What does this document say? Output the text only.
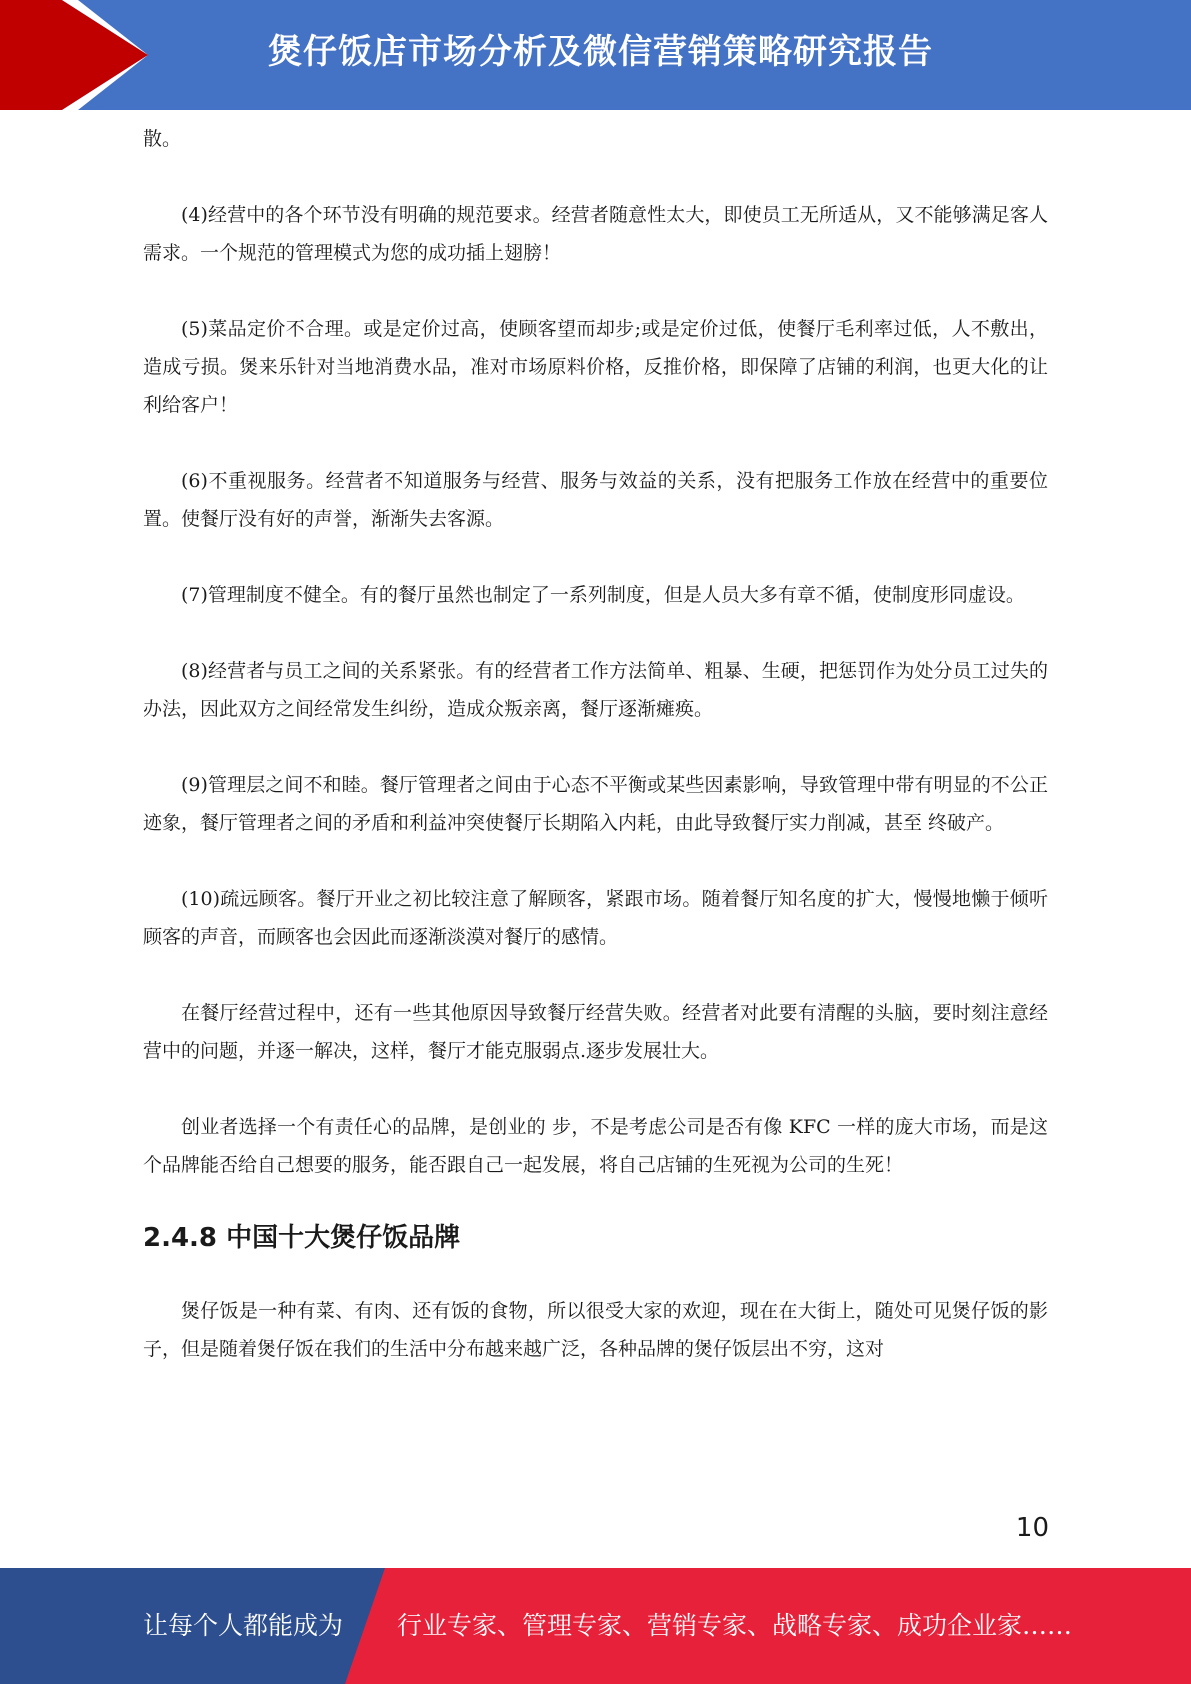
煲仔饭店市场分析及微信营销策略研究报告

散。

(4)经营中的各个环节没有明确的规范要求。经营者随意性太大，即使员工无所适从，又不能够满足客人需求。一个规范的管理模式为您的成功插上翅膀！

(5)菜品定价不合理。或是定价过高，使顾客望而却步;或是定价过低，使餐厅毛利率过低，人不敷出，造成亏损。煲来乐针对当地消费水品，准对市场原料价格，反推价格，即保障了店铺的利润，也更大化的让利给客户！

(6)不重视服务。经营者不知道服务与经营、服务与效益的关系，没有把服务工作放在经营中的重要位置。使餐厅没有好的声誉，渐渐失去客源。

(7)管理制度不健全。有的餐厅虽然也制定了一系列制度，但是人员大多有章不循，使制度形同虚设。

(8)经营者与员工之间的关系紧张。有的经营者工作方法简单、粗暴、生硬，把惩罚作为处分员工过失的 办法，因此双方之间经常发生纠纷，造成众叛亲离，餐厅逐渐瘫痪。

(9)管理层之间不和睦。餐厅管理者之间由于心态不平衡或某些因素影响，导致管理中带有明显的不公正迹象，餐厅管理者之间的矛盾和利益冲突使餐厅长期陷入内耗，由此导致餐厅实力削减，甚至 终破产。

(10)疏远顾客。餐厅开业之初比较注意了解顾客，紧跟市场。随着餐厅知名度的扩大，慢慢地懒于倾听顾客的声音，而顾客也会因此而逐渐淡漠对餐厅的感情。

在餐厅经营过程中，还有一些其他原因导致餐厅经营失败。经营者对此要有清醒的头脑，要时刻注意经营中的问题，并逐一解决，这样，餐厅才能克服弱点.逐步发展壮大。

创业者选择一个有责任心的品牌，是创业的 步，不是考虑公司是否有像 KFC 一样的庞大市场，而是这个品牌能否给自己想要的服务，能否跟自己一起发展，将自己店铺的生死视为公司的生死！

2.4.8 中国十大煲仔饭品牌

煲仔饭是一种有菜、有肉、还有饭的食物，所以很受大家的欢迎，现在在大街上，随处可见煲仔饭的影子，但是随着煲仔饭在我们的生活中分布越来越广泛，各种品牌的煲仔饭层出不穷，这对

10
让每个人都能成为 行业专家、管理专家、营销专家、战略专家、成功企业家……
